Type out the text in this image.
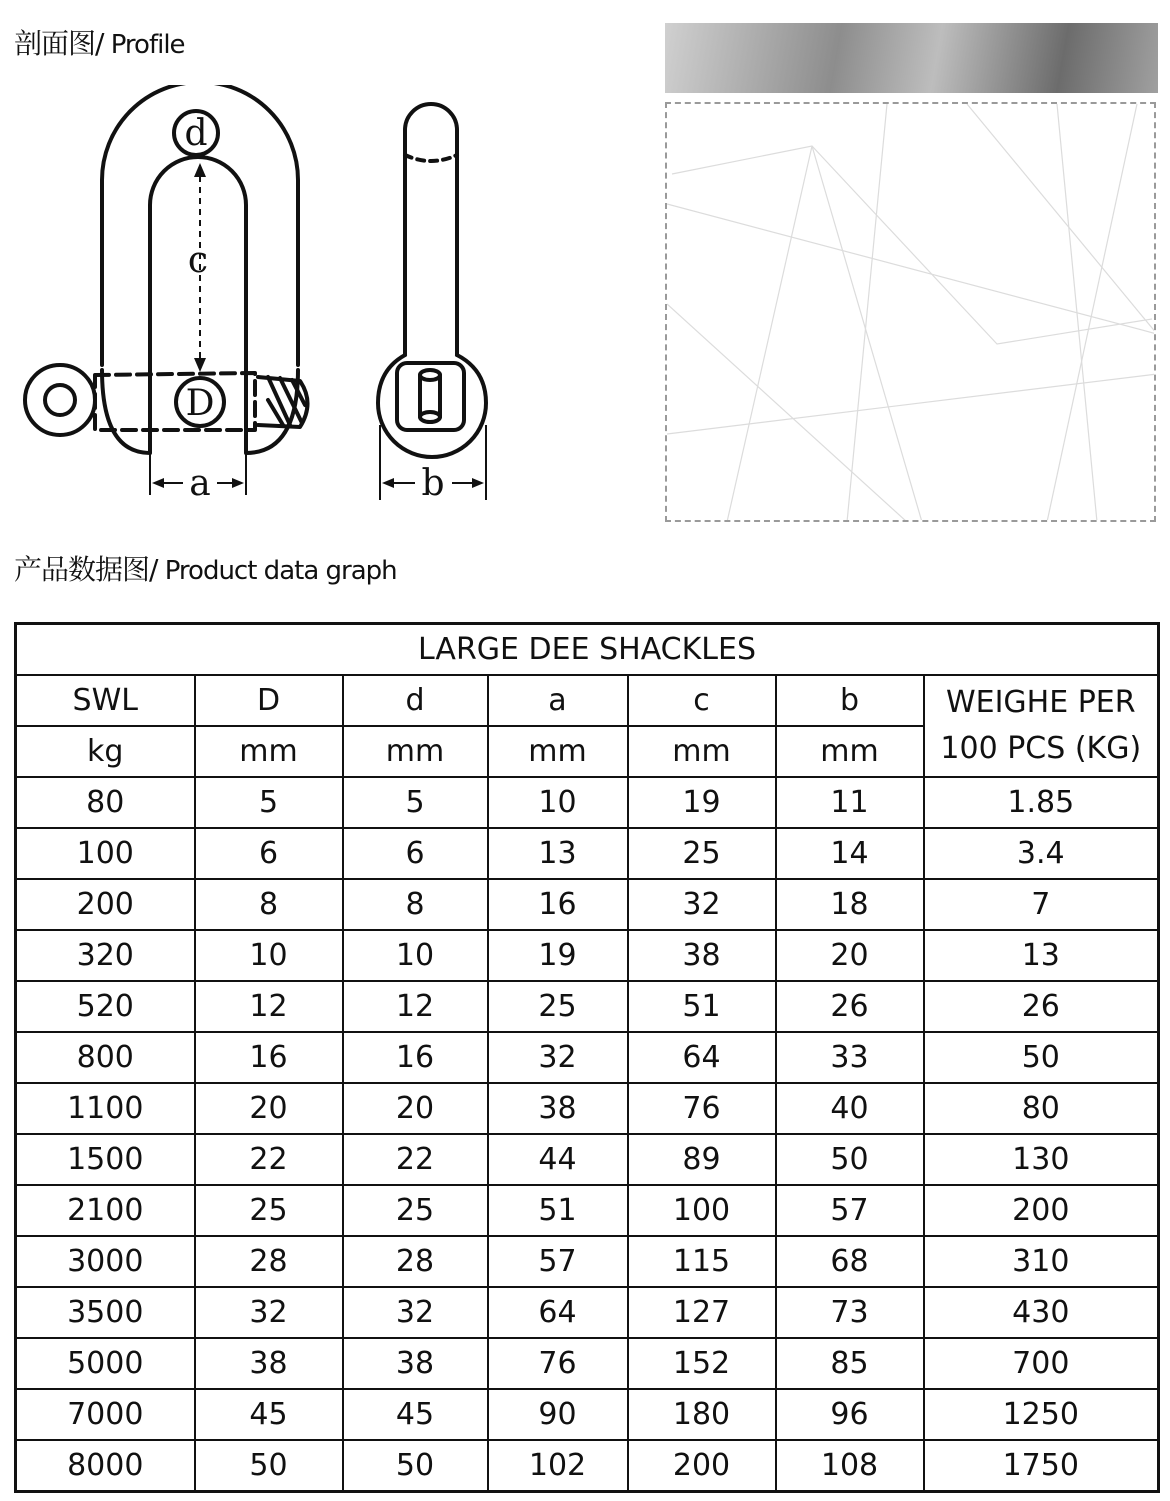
剖面图/ Profile
d
c
D
a	b
产品数据图/ Product data graph
LARGE DEE SHACKLES						
SWL	D	d	a	c	b	WEIGHE PER
100 PCS (KG)
kg	mm	mm	mm	mm	mm	
80	5	5	10	19	11	1.85
100	6	6	13	25	14	3.4
200	8	8	16	32	18	7
320	10	10	19	38	20	13
520	12	12	25	51	26	26
800	16	16	32	64	33	50
1100	20	20	38	76	40	80
1500	22	22	44	89	50	130
2100	25	25	51	100	57	200
3000	28	28	57	115	68	310
3500	32	32	64	127	73	430
5000	38	38	76	152	85	700
7000	45	45	90	180	96	1250
8000	50	50	102	200	108	1750
